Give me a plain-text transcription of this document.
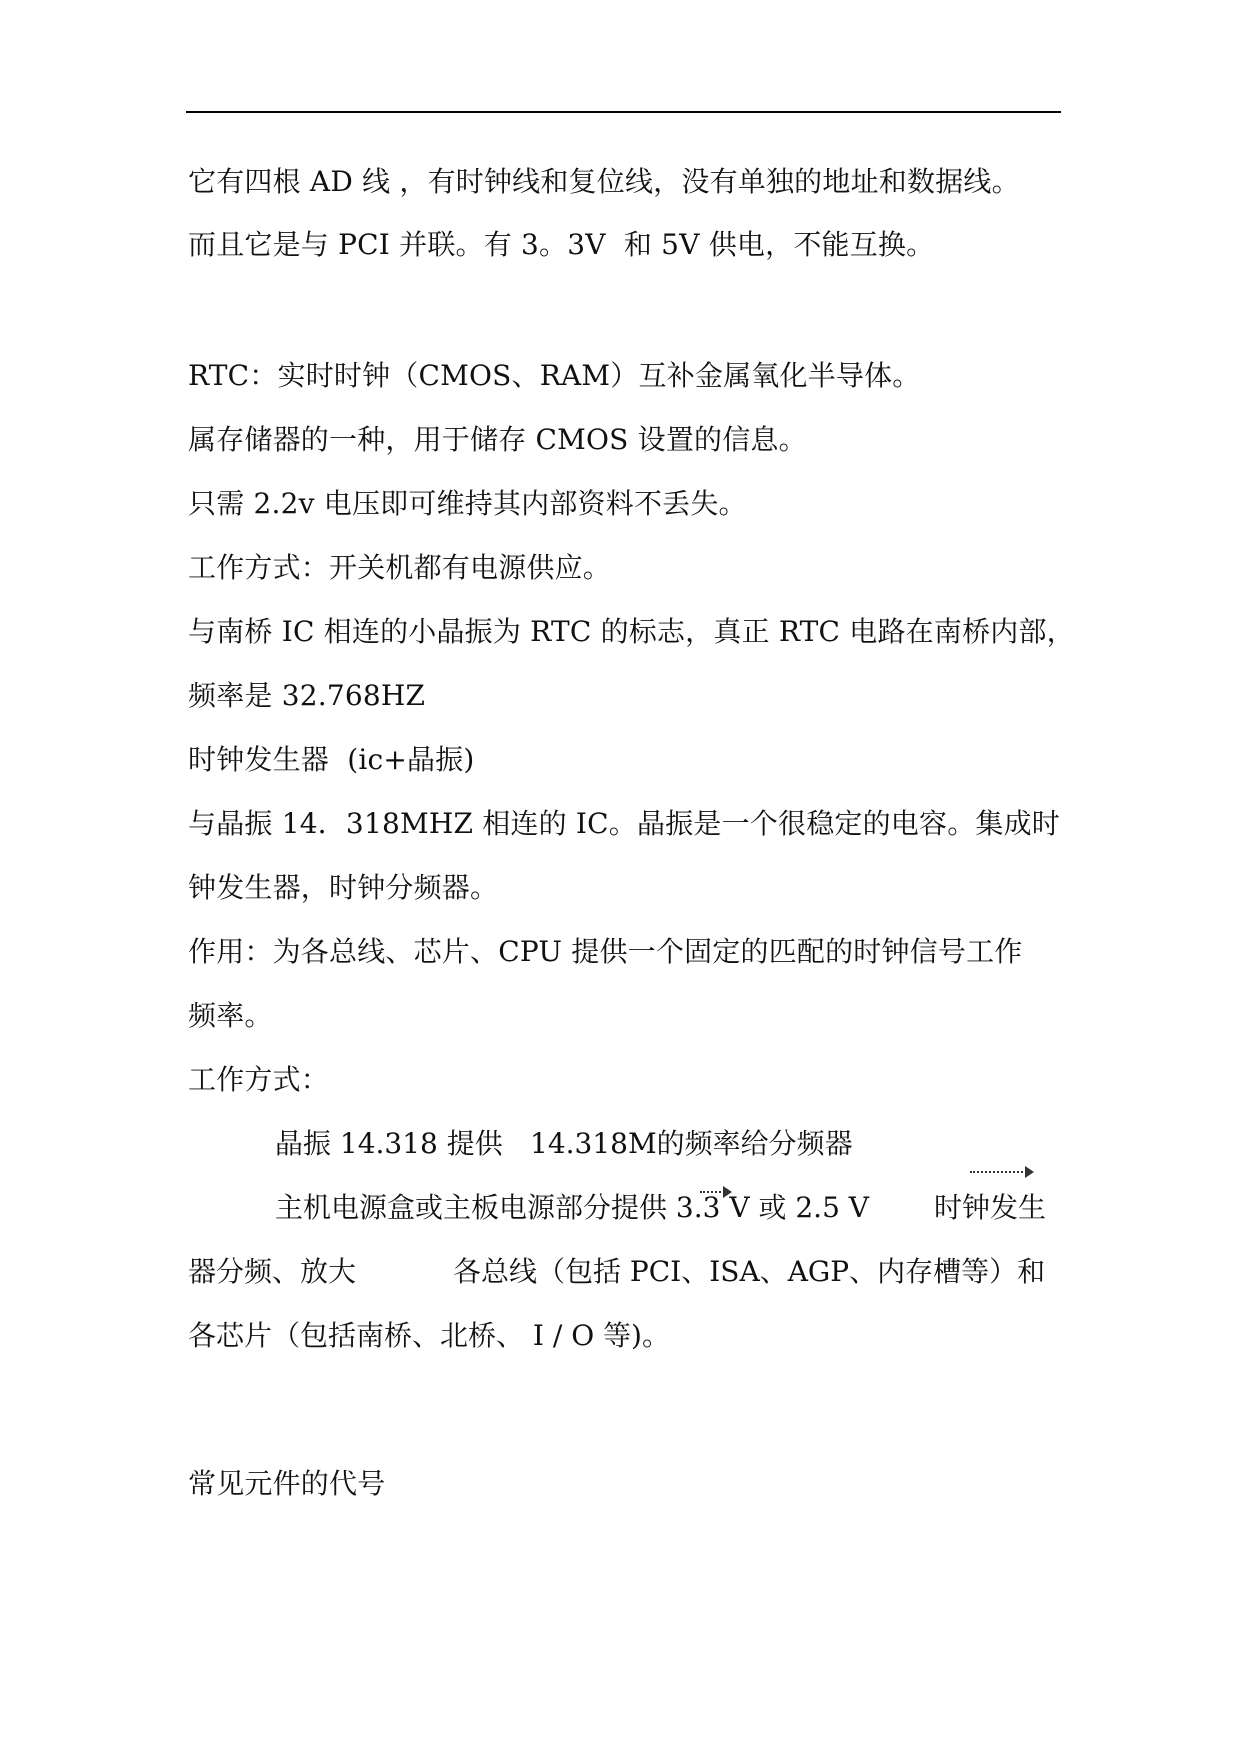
它有四根 AD 线 ，有时钟线和复位线，没有单独的地址和数据线。
而且它是与 PCI 并联。有 3。3V  和 5V 供电，不能互换。
RTC：实时时钟（CMOS、RAM）互补金属氧化半导体。
属存储器的一种，用于储存 CMOS 设置的信息。
只需 2.2v 电压即可维持其内部资料不丢失。
工作方式：开关机都有电源供应。
与南桥 IC 相连的小晶振为 RTC 的标志，真正 RTC 电路在南桥内部，
频率是 32.768HZ
时钟发生器  (ic+晶振)
与晶振 14．318MHZ 相连的 IC。晶振是一个很稳定的电容。集成时
钟发生器，时钟分频器。
作用：为各总线、芯片、CPU 提供一个固定的匹配的时钟信号工作
频率。
工作方式：
晶振 14.318 提供 14.318M的频率给分频器
主机电源盒或主板电源部分提供 3.3 V 或 2.5 V 时钟发生
器分频、放大	各总线（包括 PCI、ISA、AGP、内存槽等）和
各芯片（包括南桥、北桥、 I / O 等)。
常见元件的代号
